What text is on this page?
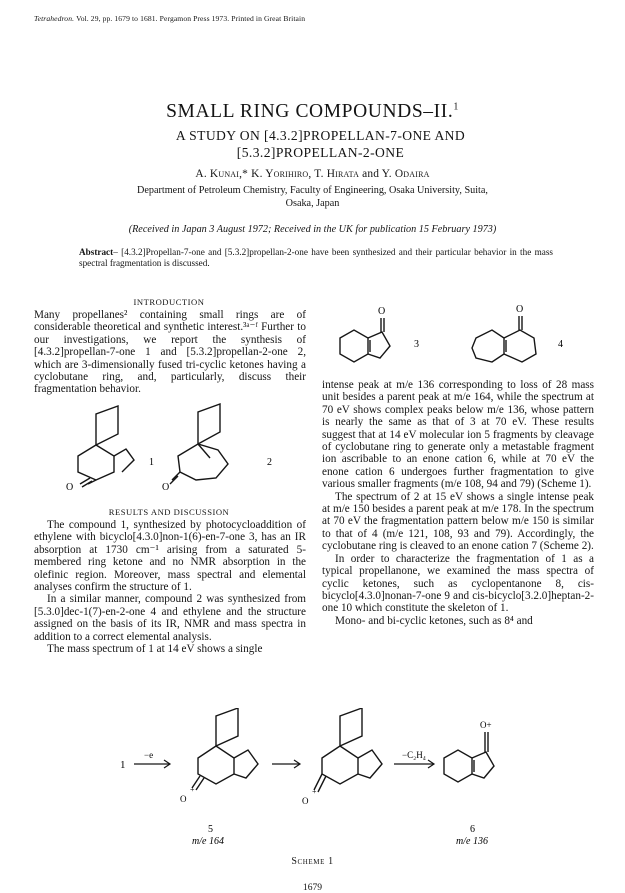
Tetrahedron. Vol. 29, pp. 1679 to 1681. Pergamon Press 1973. Printed in Great Britain
SMALL RING COMPOUNDS–II.$^1$
A STUDY ON [4.3.2]PROPELLAN-7-ONE AND
[5.3.2]PROPELLAN-2-ONE
A. Kunai,* K. Yorihiro, T. Hirata and Y. Odaira
Department of Petroleum Chemistry, Faculty of Engineering, Osaka University, Suita,
Osaka, Japan
(Received in Japan 3 August 1972; Received in the UK for publication 15 February 1973)
Abstract– [4.3.2]Propellan-7-one and [5.3.2]propellan-2-one have been synthesized and their particular behavior in the mass spectral fragmentation is discussed.
INTRODUCTION

Many propellanes² containing small rings are of considerable theoretical and synthetic interest.³ᵃ⁻ᶠ Further to our investigations, we report the synthesis of [4.3.2]propellan-7-one 1 and [5.3.2]propellan-2-one 2, which are 3-dimensionally fused tri-cyclic ketones having a cyclobutane ring, and, particularly, discuss their fragmentation behavior.

1
O
2
O
RESULTS AND DISCUSSION

The compound 1, synthesized by photocycloaddition of ethylene with bicyclo[4.3.0]non-1(6)-en-7-one 3, has an IR absorption at 1730 cm⁻¹ arising from a saturated 5-membered ring ketone and no NMR absorption in the olefinic region. Moreover, mass spectral and elemental analyses confirm the structure of 1.

In a similar manner, compound 2 was synthesized from [5.3.0]dec-1(7)-en-2-one 4 and ethylene and the structure assigned on the basis of its IR, NMR and mass spectra in addition to a correct elemental analysis.

The mass spectrum of 1 at 14 eV shows a single

O
3
O
4

intense peak at m/e 136 corresponding to loss of 28 mass unit besides a parent peak at m/e 164, while the spectrum at 70 eV shows complex peaks below m/e 136, whose pattern is nearly the same as that of 3 at 70 eV. These results suggest that at 14 eV molecular ion 5 fragments by cleavage of cyclobutane ring to generate only a metastable fragment ion ascribable to an enone cation 6, while at 70 eV the enone cation 6 undergoes further fragmentation to give various smaller fragments (m/e 108, 94 and 79) (Scheme 1).

The spectrum of 2 at 15 eV shows a single intense peak at m/e 150 besides a parent peak at m/e 178. In the spectrum at 70 eV the fragmentation pattern below m/e 150 is similar to that of 4 (m/e 121, 108, 93 and 79). Accordingly, the cyclobutane ring is cleaved to an enone cation 7 (Scheme 2).

In order to characterize the fragmentation of 1 as a typical propellanone, we examined the mass spectra of cyclic ketones, such as cyclopentanone 8, cis-bicyclo[4.3.0]nonan-7-one 9 and cis-bicyclo[3.2.0]heptan-2-one 10 which constitute the skeleton of 1.

Mono- and bi-cyclic ketones, such as 8⁴ and

1
−e
O
+
5
m/e 164
O
+
−C₂H₄
O+
6
m/e 136
Scheme 1
1679
